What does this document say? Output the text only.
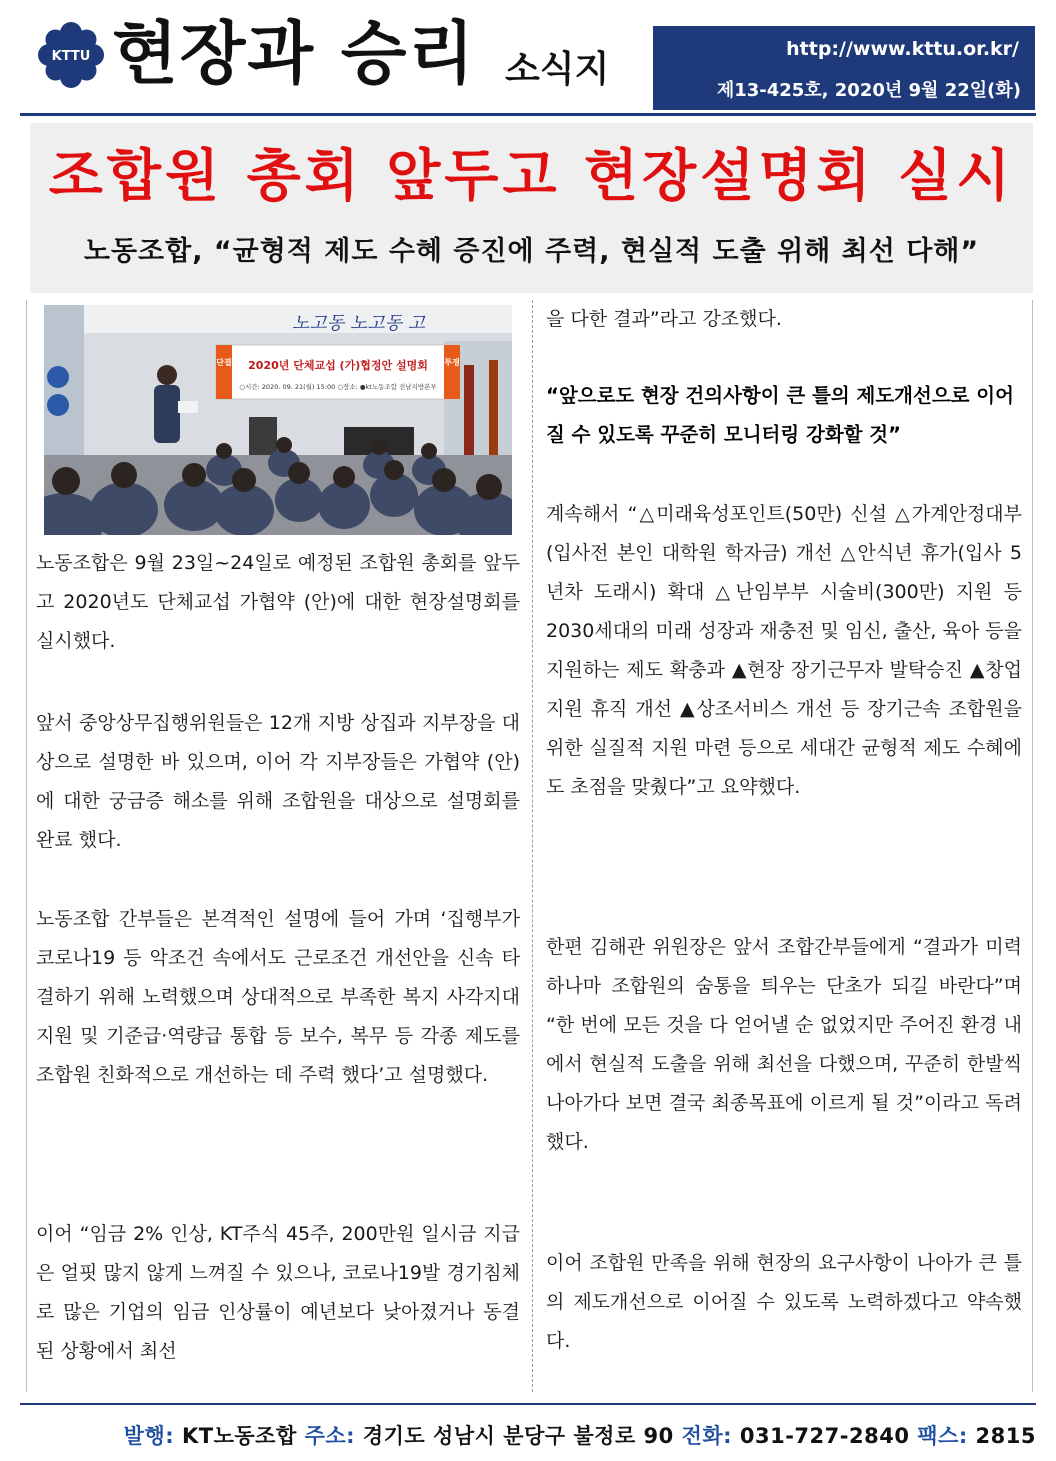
KTTU 현장과 승리 소식지	http://www.kttu.or.kr/
제13-425호, 2020년 9월 22일(화)
조합원 총회 앞두고 현장설명회 실시
노동조합, “균형적 제도 수혜 증진에 주력, 현실적 도출 위해 최선 다해”
노고동 노고동 고
단결	투쟁
2020년 단체교섭 (가)협정안 설명회
○시간: 2020. 09. 21(월) 15:00 ○장소: ●kt노동조합 전남지방본부

노동조합은 9월 23일~24일로 예정된 조합원 총회를 앞두고 2020년도 단체교섭 가협약 (안)에 대한 현장설명회를 실시했다.

앞서 중앙상무집행위원들은 12개 지방 상집과 지부장을 대상으로 설명한 바 있으며, 이어 각 지부장들은 가협약 (안)에 대한 궁금증 해소를 위해 조합원을 대상으로 설명회를 완료 했다.

노동조합 간부들은 본격적인 설명에 들어 가며 ‘집행부가 코로나19 등 악조건 속에서도 근로조건 개선안을 신속 타결하기 위해 노력했으며 상대적으로 부족한 복지 사각지대 지원 및 기준급·역량급 통합 등 보수, 복무 등 각종 제도를 조합원 친화적으로 개선하는 데 주력 했다’고 설명했다.

이어 “임금 2% 인상, KT주식 45주, 200만원 일시금 지급은 얼핏 많지 않게 느껴질 수 있으나, 코로나19발 경기침체로 많은 기업의 임금 인상률이 예년보다 낮아졌거나 동결 된 상황에서 최선

을 다한 결과”라고 강조했다.

“앞으로도 현장 건의사항이 큰 틀의 제도개선으로 이어질 수 있도록 꾸준히 모니터링 강화할 것”

계속해서 “△미래육성포인트(50만) 신설 △가계안정대부(입사전 본인 대학원 학자금) 개선 △안식년 휴가(입사 5년차 도래시) 확대 △난임부부 시술비(300만) 지원 등 2030세대의 미래 성장과 재충전 및 임신, 출산, 육아 등을 지원하는 제도 확충과 ▲현장 장기근무자 발탁승진 ▲창업지원 휴직 개선 ▲상조서비스 개선 등 장기근속 조합원을 위한 실질적 지원 마련 등으로 세대간 균형적 제도 수혜에도 초점을 맞췄다”고 요약했다.

한편 김해관 위원장은 앞서 조합간부들에게 “결과가 미력하나마 조합원의 숨통을 틔우는 단초가 되길 바란다”며 “한 번에 모든 것을 다 얻어낼 순 없었지만 주어진 환경 내에서 현실적 도출을 위해 최선을 다했으며, 꾸준히 한발씩 나아가다 보면 결국 최종목표에 이르게 될 것”이라고 독려했다.

이어 조합원 만족을 위해 현장의 요구사항이 나아가 큰 틀의 제도개선으로 이어질 수 있도록 노력하겠다고 약속했다.

발행: KT노동조합 주소: 경기도 성남시 분당구 불정로 90 전화: 031-727-2840 팩스: 2815
